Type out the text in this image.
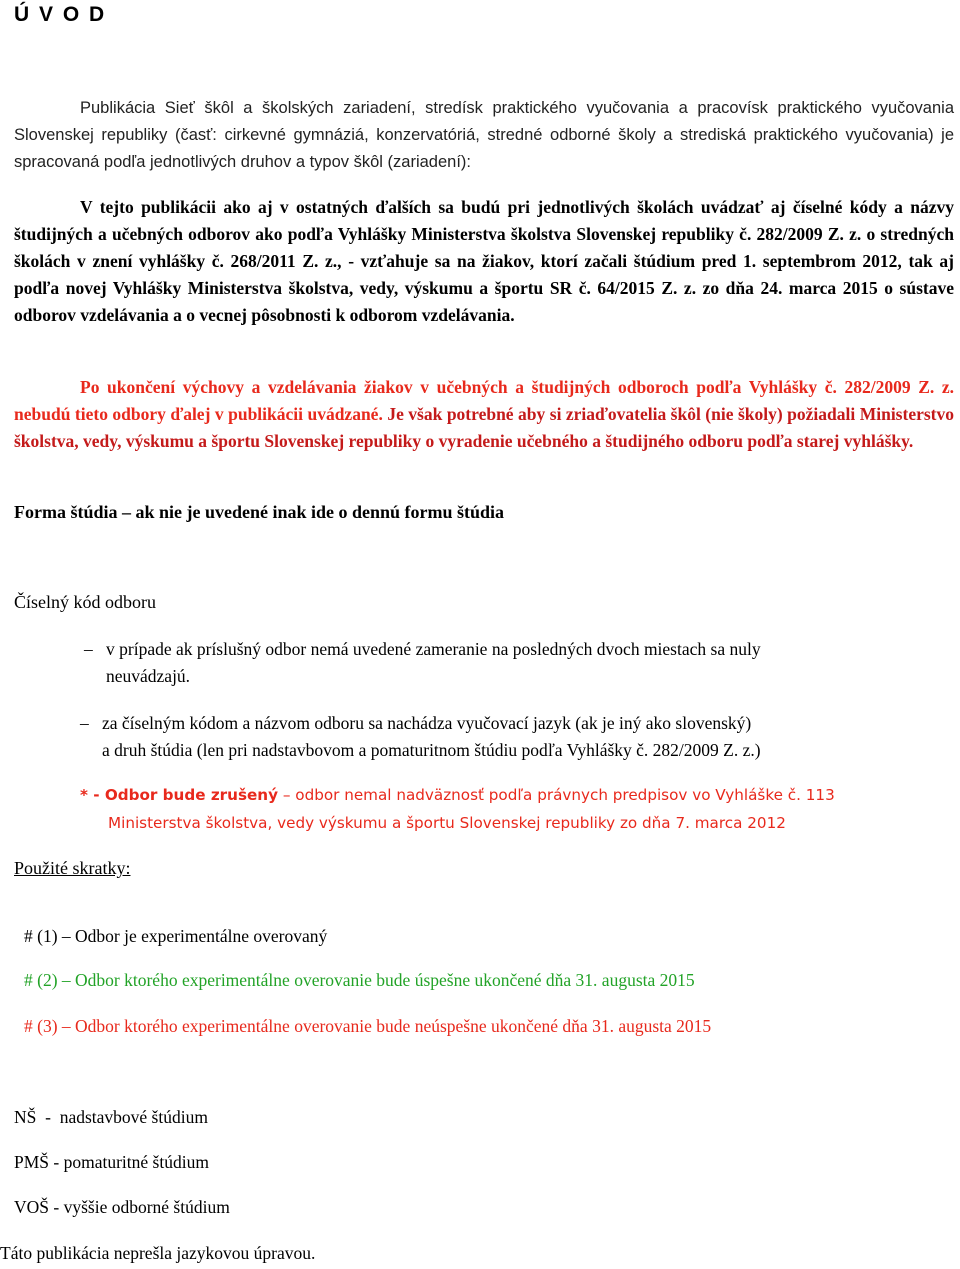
Ú V O D
Publikácia Sieť škôl a školských zariadení, stredísk praktického vyučovania a pracovísk praktického vyučovania Slovenskej republiky (časť: cirkevné gymnáziá, konzervatóriá, stredné odborné školy a strediská praktického vyučovania) je spracovaná podľa jednotlivých druhov a typov škôl (zariadení):
V tejto publikácii ako aj v ostatných ďalších sa budú pri jednotlivých školách uvádzať aj číselné kódy a názvy študijných a učebných odborov ako podľa Vyhlášky Ministerstva školstva Slovenskej republiky č. 282/2009 Z. z. o stredných školách v znení vyhlášky č. 268/2011 Z. z., - vzťahuje sa na žiakov, ktorí začali štúdium pred 1. septembrom 2012, tak aj podľa novej Vyhlášky Ministerstva školstva, vedy, výskumu a športu SR č. 64/2015 Z. z. zo dňa 24. marca 2015 o sústave odborov vzdelávania a o vecnej pôsobnosti k odborom vzdelávania.
Po ukončení výchovy a vzdelávania žiakov v učebných a študijných odboroch podľa Vyhlášky č. 282/2009 Z. z. nebudú tieto odbory ďalej v publikácii uvádzané. Je však potrebné aby si zriaďovatelia škôl (nie školy) požiadali Ministerstvo školstva, vedy, výskumu a športu Slovenskej republiky o vyradenie učebného a študijného odboru podľa starej vyhlášky.
Forma štúdia – ak nie je uvedené inak ide o dennú formu štúdia
Číselný kód odboru
– v prípade ak príslušný odbor nemá uvedené zameranie na posledných dvoch miestach sa nuly
neuvádzajú.
– za číselným kódom a názvom odboru sa nachádza vyučovací jazyk (ak je iný ako slovenský)
a druh štúdia (len pri nadstavbovom a pomaturitnom štúdiu podľa Vyhlášky č. 282/2009 Z. z.)
* - Odbor bude zrušený – odbor nemal nadväznosť podľa právnych predpisov vo Vyhláške č. 113
Ministerstva školstva, vedy výskumu a športu Slovenskej republiky zo dňa 7. marca 2012
Použité skratky:
# (1) – Odbor je experimentálne overovaný
# (2) – Odbor ktorého experimentálne overovanie bude úspešne ukončené dňa 31. augusta 2015
# (3) – Odbor ktorého experimentálne overovanie bude neúspešne ukončené dňa 31. augusta 2015
NŠ  -  nadstavbové štúdium
PMŠ - pomaturitné štúdium
VOŠ - vyššie odborné štúdium
Táto publikácia neprešla jazykovou úpravou.
